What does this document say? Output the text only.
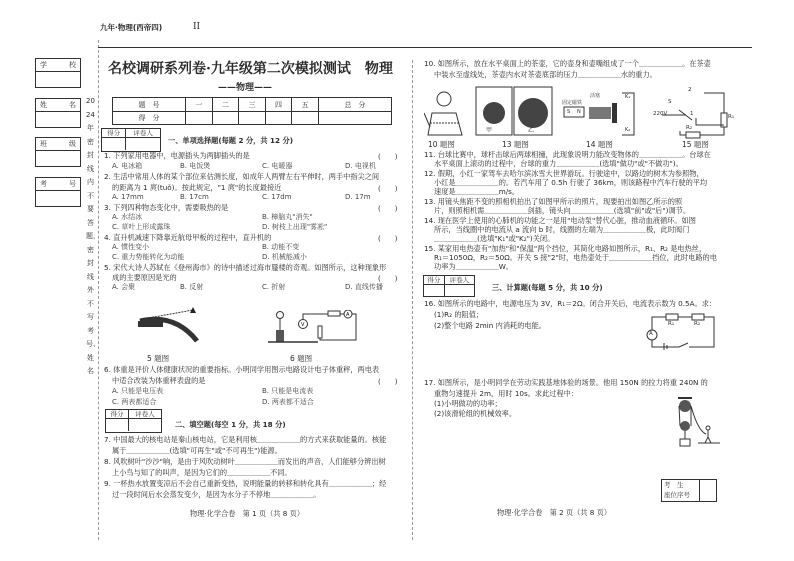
学	校
姓	名
班	级
考	号
2024年密封线内不要答题，密封线外不写考号、姓名
九年·物理(西帝四)	II
名校调研系列卷·九年级第二次模拟测试　物理
——物理——
题　号	一	二	三	四	五	总　分
得　分						
得分	评卷人
一、单项选择题(每题 2 分，共 12 分)
1. 下列家用电器中，电源插头为两脚插头的是	(　　)
A. 电冰箱	B. 电饭煲	C. 电暖器	D. 电视机
2. 生活中常用人体的某个部位来估测长度，如成年人两臂左右平伸时，两手中指尖之间
的距离为 1 庹(tuǒ)。按此规定，"1 庹"的长度最接近	(　　)
A. 17mm	B. 17cm	C. 17dm	D. 17m
3. 下列四种物态变化中，需要吸热的是	(　　)
A. 水结冰	B. 樟脑丸"消失"
C. 草叶上形成露珠	D. 树枝上出现"雾凇"
4. 直升机减速下降靠近航母甲板的过程中，直升机的	(　　)
A. 惯性变小	B. 动能不变
C. 重力势能转化为动能	D. 机械能减小
5. 宋代大诗人苏轼在《登州海市》的诗中描述过海市蜃楼的奇观。如图所示，这种现象形
成的主要原因是光的	(　　)
A. 会聚	B. 反射	C. 折射	D. 直线传播
V
A
5 题图	6 题图
6. 体重是评价人体健康状况的重要指标。小明同学用图示电路设计电子体重秤，两电表
中适合改装为体重秤表盘的是	(　　)
A. 只能是电压表	B. 只能是电流表
C. 两表都适合	D. 两表都不适合
得分	评卷人
二、填空题(每空 1 分，共 18 分)
7. 中国最大的核电站是秦山核电站，它是利用核＿＿＿＿＿＿的方式来获取能量的。核能
属于＿＿＿＿＿＿(选填"可再生"或"不可再生")能源。
8. 风吹树叶"沙沙"响，是由于风吹动树叶＿＿＿＿＿＿而发出的声音，人们能够分辨出树
上小鸟与知了的叫声，是因为它们的＿＿＿＿＿＿不同。
9. 一杯热水放置变凉后不会自己重新变热，说明能量的转移和转化具有＿＿＿＿＿＿；经
过一段时间后水会蒸发变少，是因为水分子不停地＿＿＿＿＿＿。
物理·化学合卷　第 1 页（共 8 页）
10. 如图所示，放在水平桌面上的茶壶，它的壶身和壶嘴组成了一个＿＿＿＿＿＿。在茶壶
中装水至虚线处，茶壶内水对茶壶底部的压力＿＿＿＿＿＿水的重力。
甲	乙
固定磁铁
活塞
S N
K₁
K₂
220V
S
2
1	R₁
R₂
10 题图	13 题图	14 题图	15 题图
11. 台球比赛中，球杆击球后两球相撞，此现象说明力能改变物体的＿＿＿＿＿＿。台球在
水平桌面上滚动的过程中，台球的重力＿＿＿＿＿＿(选填"做功"或"不做功")。
12. 假期，小红一家驾车去哈尔滨冰雪大世界游玩。行驶途中，以路边的树木为参照物，
小红是＿＿＿＿＿＿的。若汽车用了 0.5h 行驶了 36km，则该路程中汽车行驶的平均
速度是＿＿＿＿＿＿m/s。
13. 用镜头焦距不变的照相机拍出了如图甲所示的照片，现要拍出如图乙所示的照
片，则照相机需＿＿＿＿＿＿剑插，镜头向＿＿＿＿＿＿(选填"前"或"后")调节。
14. 现在医学上使用的心肺机的功能之一是用"电动泵"替代心脏，推动血液循环。如图
所示，当线圈中的电流从 a 流向 b 时，线圈的左端为＿＿＿＿＿＿极，此时阀门
＿＿＿＿＿＿(选填"K₁"或"K₂")关闭。
15. 某家用电热壶有"加热"和"保温"两个挡位，其简化电路如图所示，R₁、R₂ 是电热丝，
R₁＝1050Ω，R₂＝50Ω。开关 S 接"2"时，电热壶处于＿＿＿＿＿＿挡位，此时电路的电
功率为＿＿＿＿＿＿W。
得分	评卷人
三、计算题(每题 5 分，共 10 分)
16. 如图所示的电路中，电源电压为 3V，R₁＝2Ω。闭合开关后，电流表示数为 0.5A。求：
(1)R₂ 的阻值；
(2)整个电路 2min 内消耗的电能。
A
R₁	R₂
17. 如图所示，是小明同学在劳动实践基地体验的场景。他用 150N 的拉力将重 240N 的
重物匀速提升 2m，用时 10s。求此过程中：
(1)小明做功的功率；
(2)该滑轮组的机械效率。
考　生
座位序号
物理·化学合卷　第 2 页（共 8 页）
